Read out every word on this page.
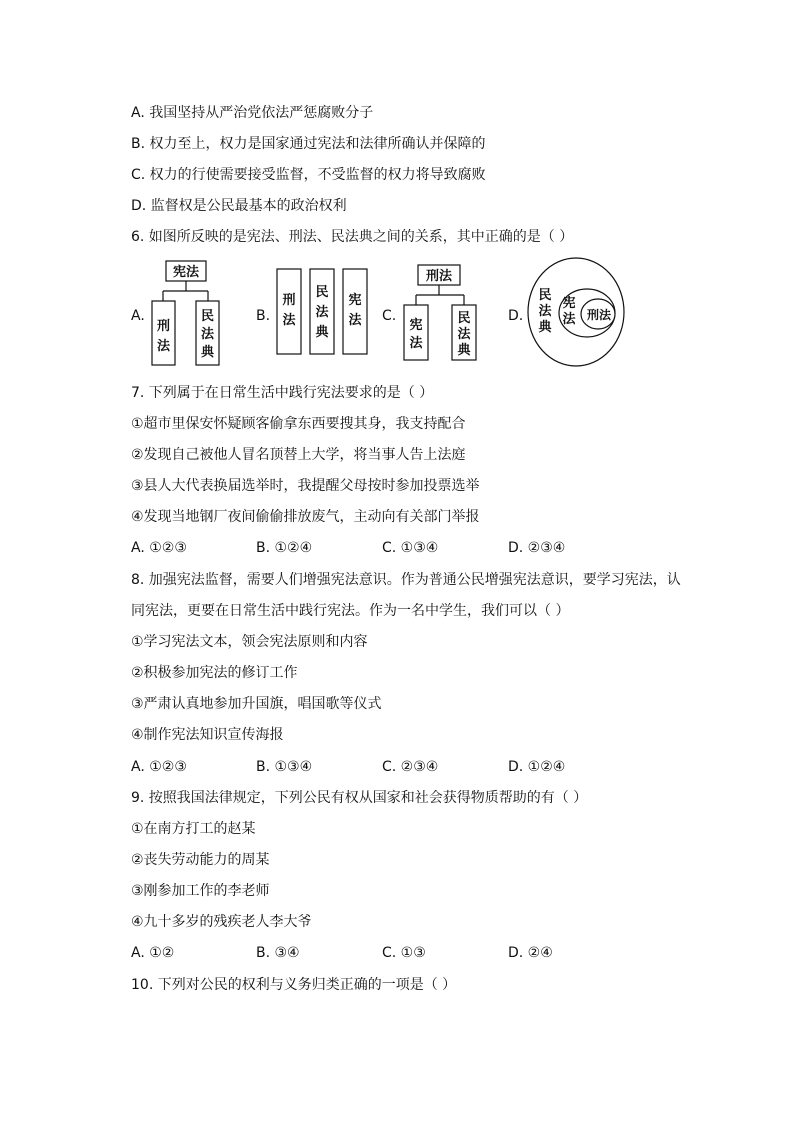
A. 我国坚持从严治党依法严惩腐败分子
B. 权力至上，权力是国家通过宪法和法律所确认并保障的
C. 权力的行使需要接受监督，不受监督的权力将导致腐败
D. 监督权是公民最基本的政治权利
6. 如图所反映的是宪法、刑法、民法典之间的关系，其中正确的是（ ）
A.
宪法
刑
法
民
法
典
B.
刑
法
民
法
典
宪
法 C.
刑法
宪
法
民
法
典
D.
民
法
典
宪
法 刑法
7. 下列属于在日常生活中践行宪法要求的是（ ）
①超市里保安怀疑顾客偷拿东西要搜其身，我支持配合
②发现自己被他人冒名顶替上大学，将当事人告上法庭
③县人大代表换届选举时，我提醒父母按时参加投票选举
④发现当地钢厂夜间偷偷排放废气，主动向有关部门举报
A. ①②③	B. ①②④	C. ①③④	D. ②③④
8. 加强宪法监督，需要人们增强宪法意识。作为普通公民增强宪法意识，要学习宪法，认
同宪法，更要在日常生活中践行宪法。作为一名中学生，我们可以（ ）
①学习宪法文本，领会宪法原则和内容
②积极参加宪法的修订工作
③严肃认真地参加升国旗，唱国歌等仪式
④制作宪法知识宣传海报
A. ①②③	B. ①③④	C. ②③④	D. ①②④
9. 按照我国法律规定，下列公民有权从国家和社会获得物质帮助的有（ ）
①在南方打工的赵某
②丧失劳动能力的周某
③刚参加工作的李老师
④九十多岁的残疾老人李大爷
A. ①②	B. ③④	C. ①③	D. ②④
10. 下列对公民的权利与义务归类正确的一项是（ ）
